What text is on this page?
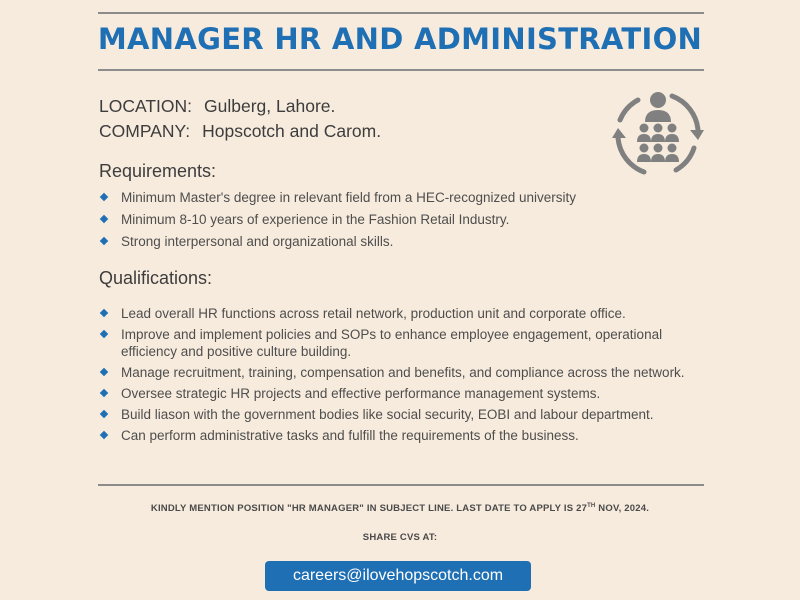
MANAGER HR AND ADMINISTRATION
LOCATION: Gulberg, Lahore.
COMPANY: Hopscotch and Carom.
Requirements:
Minimum Master's degree in relevant field from a HEC-recognized university
Minimum 8-10 years of experience in the Fashion Retail Industry.
Strong interpersonal and organizational skills.
Qualifications:
Lead overall HR functions across retail network, production unit and corporate office.
Improve and implement policies and SOPs to enhance employee engagement, operational efficiency and positive culture building.
Manage recruitment, training, compensation and benefits, and compliance across the network.
Oversee strategic HR projects and effective performance management systems.
Build liason with the government bodies like social security, EOBI and labour department.
Can perform administrative tasks and fulfill the requirements of the business.
KINDLY MENTION POSITION "HR MANAGER" IN SUBJECT LINE. LAST DATE TO APPLY IS 27TH NOV, 2024.
SHARE CVS AT:
careers@ilovehopscotch.com
